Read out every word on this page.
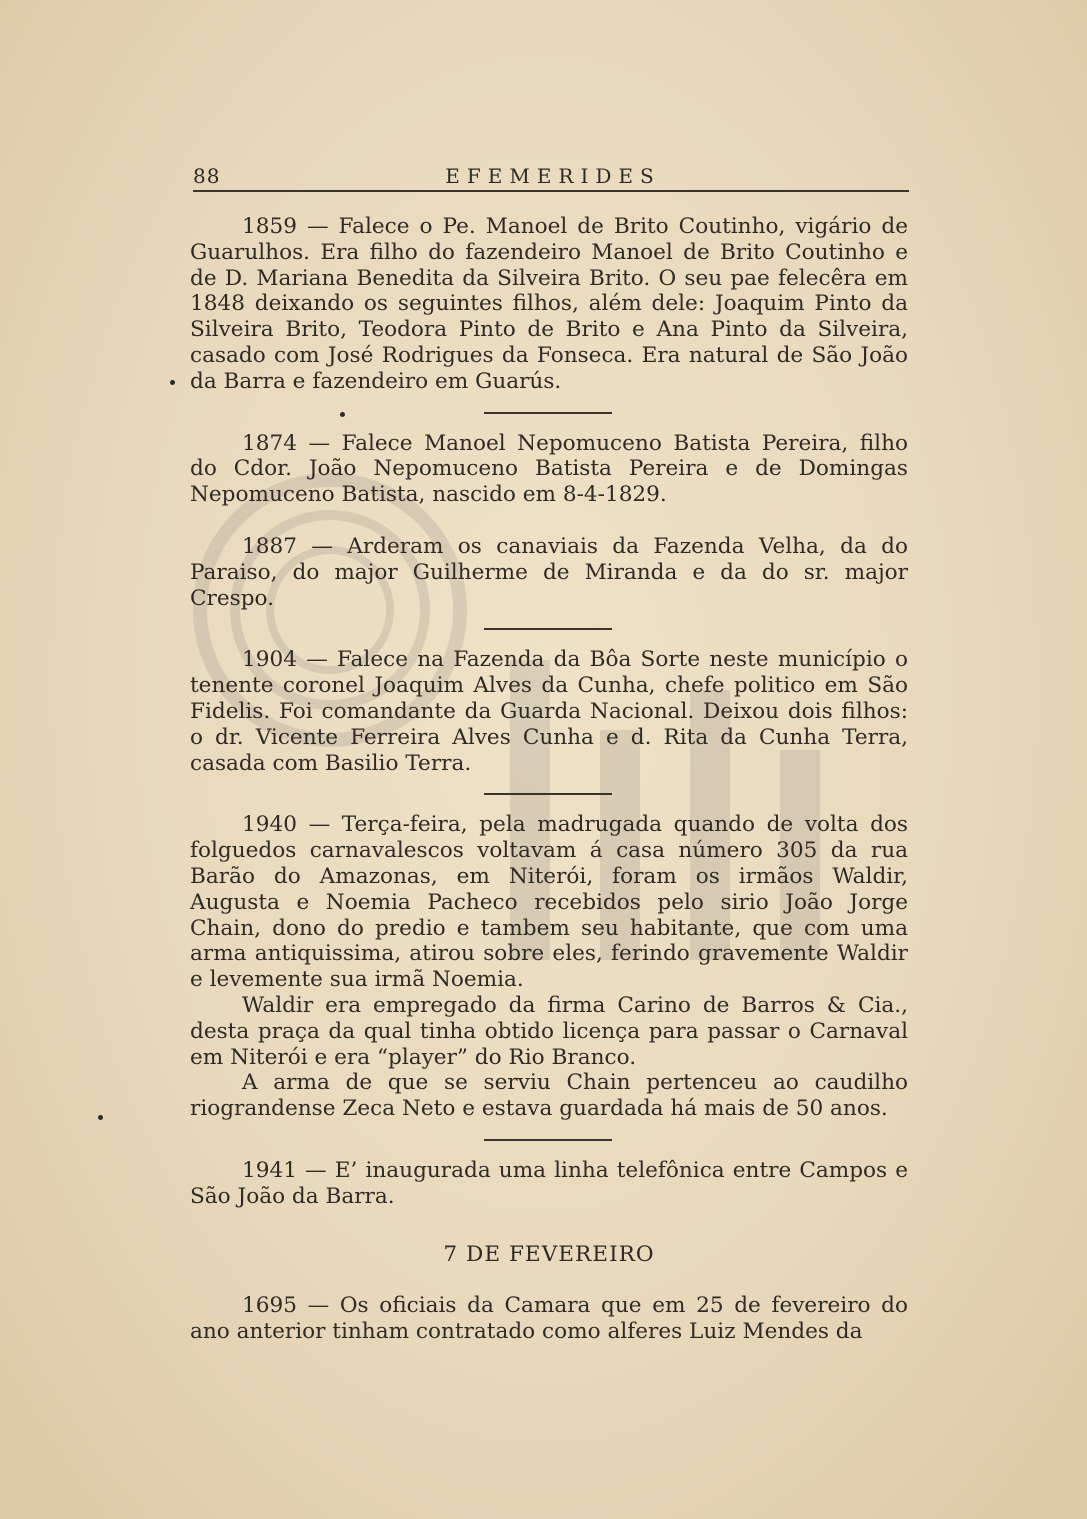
88	EFEMERIDES

1859 — Falece o Pe. Manoel de Brito Coutinho, vigário de Guarulhos. Era filho do fazendeiro Manoel de Brito Coutinho e de D. Mariana Benedita da Silveira Brito. O seu pae felecêra em 1848 deixando os seguintes filhos, além dele: Joaquim Pinto da Silveira Brito, Teodora Pinto de Brito e Ana Pinto da Silveira, casado com José Rodrigues da Fonseca. Era natural de São João da Barra e fazendeiro em Guarús.

1874 — Falece Manoel Nepomuceno Batista Pereira, filho do Cdor. João Nepomuceno Batista Pereira e de Domingas Nepomuceno Batista, nascido em 8-4-1829.

1887 — Arderam os canaviais da Fazenda Velha, da do Paraiso, do major Guilherme de Miranda e da do sr. major Crespo.

1904 — Falece na Fazenda da Bôa Sorte neste município o tenente coronel Joaquim Alves da Cunha, chefe politico em São Fidelis. Foi comandante da Guarda Nacional. Deixou dois filhos: o dr. Vicente Ferreira Alves Cunha e d. Rita da Cunha Terra, casada com Basilio Terra.

1940 — Terça-feira, pela madrugada quando de volta dos folguedos carnavalescos voltavam á casa número 305 da rua Barão do Amazonas, em Niterói, foram os irmãos Waldir, Augusta e Noemia Pacheco recebidos pelo sirio João Jorge Chain, dono do predio e tambem seu habitante, que com uma arma antiquissima, atirou sobre eles, ferindo gravemente Waldir e levemente sua irmã Noemia.

Waldir era empregado da firma Carino de Barros & Cia., desta praça da qual tinha obtido licença para passar o Carnaval em Niterói e era “player” do Rio Branco.

A arma de que se serviu Chain pertenceu ao caudilho riograndense Zeca Neto e estava guardada há mais de 50 anos.

1941 — E’ inaugurada uma linha telefônica entre Campos e São João da Barra.

7 DE FEVEREIRO

1695 — Os oficiais da Camara que em 25 de fevereiro do ano anterior tinham contratado como alferes Luiz Mendes da
